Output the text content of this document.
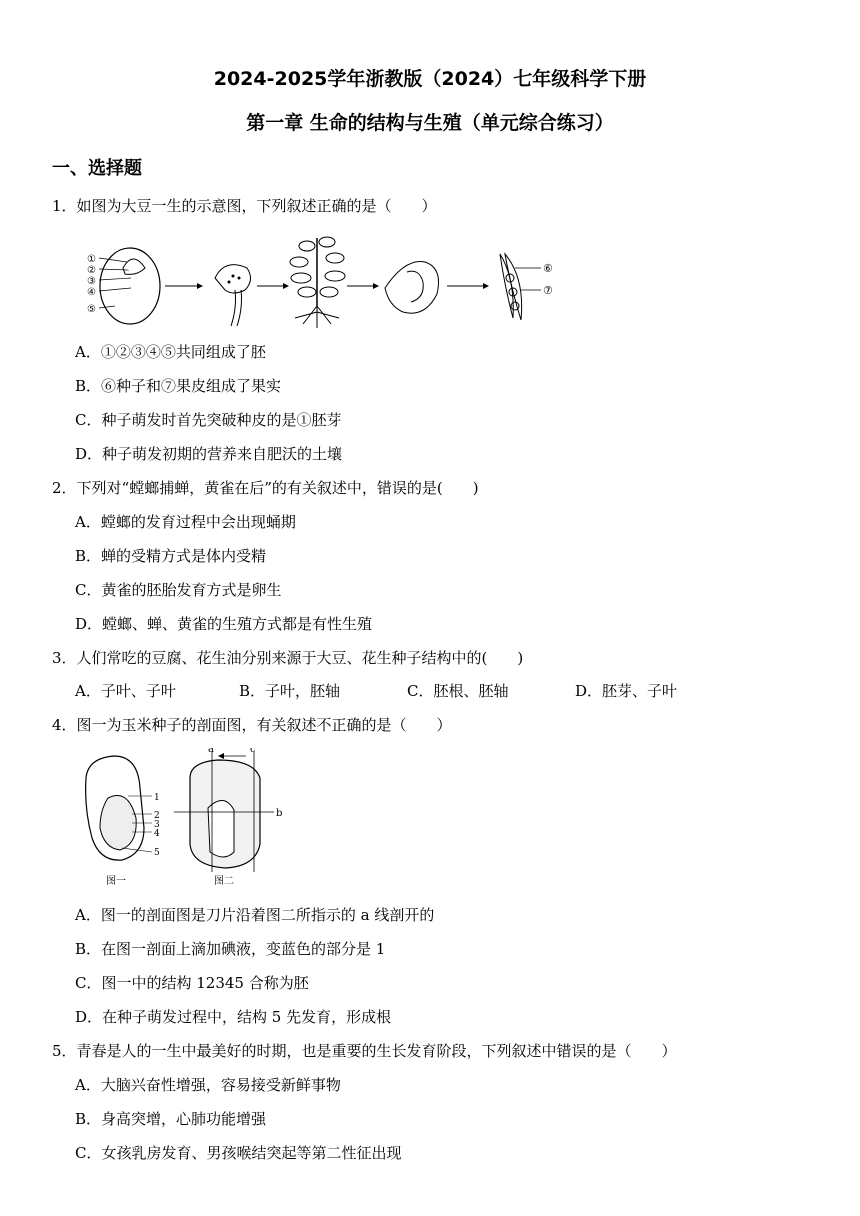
2024-2025学年浙教版（2024）七年级科学下册
第一章 生命的结构与生殖（单元综合练习）
一、选择题
1．如图为大豆一生的示意图，下列叙述正确的是（　　）
①
②
③
④
⑤
⑥
⑦
A．①②③④⑤共同组成了胚
B．⑥种子和⑦果皮组成了果实
C．种子萌发时首先突破种皮的是①胚芽
D．种子萌发初期的营养来自肥沃的土壤
2．下列对“螳螂捕蝉，黄雀在后”的有关叙述中，错误的是(　　)
A．螳螂的发育过程中会出现蛹期
B．蝉的受精方式是体内受精
C．黄雀的胚胎发育方式是卵生
D．螳螂、蝉、黄雀的生殖方式都是有性生殖
3．人们常吃的豆腐、花生油分别来源于大豆、花生种子结构中的(　　)
A．子叶、子叶	B．子叶，胚轴	C．胚根、胚轴	D．胚芽、子叶
4．图一为玉米种子的剖面图，有关叙述不正确的是（　　）
1
2
3
4
5
图一
a	c
b
图二
A．图一的剖面图是刀片沿着图二所指示的 a 线剖开的
B．在图一剖面上滴加碘液，变蓝色的部分是 1
C．图一中的结构 12345 合称为胚
D．在种子萌发过程中，结构 5 先发育，形成根
5．青春是人的一生中最美好的时期，也是重要的生长发育阶段，下列叙述中错误的是（　　）
A．大脑兴奋性增强，容易接受新鲜事物
B．身高突增，心肺功能增强
C．女孩乳房发育、男孩喉结突起等第二性征出现
